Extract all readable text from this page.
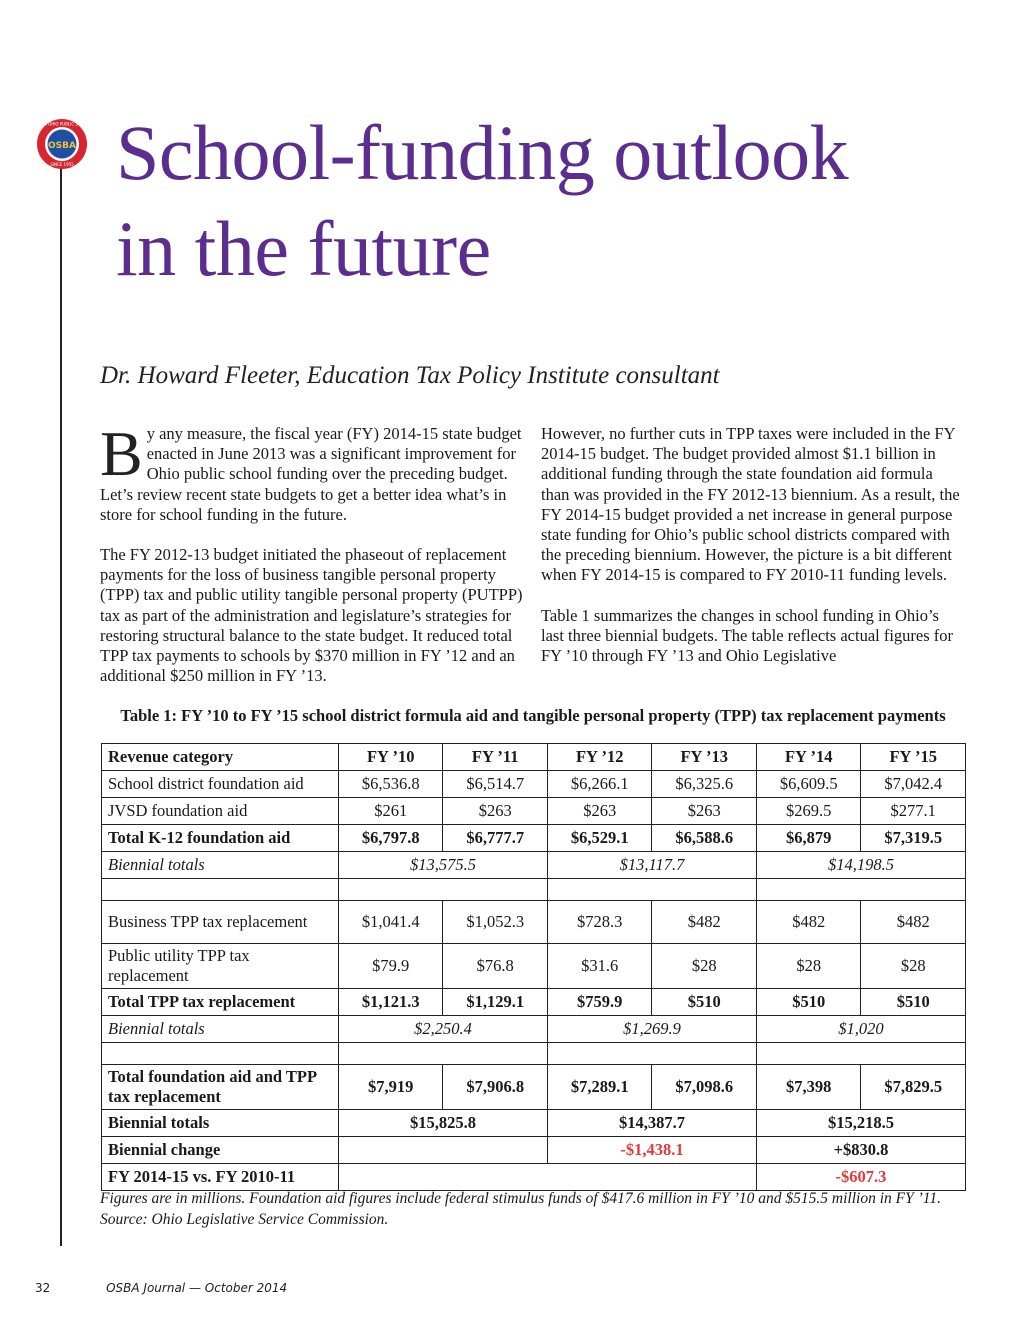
OSBA
SERVING OHIO PUBLIC SCHOOLS
SINCE 1955 School-funding outlook
in the future
Dr. Howard Fleeter, Education Tax Policy Institute consultant

By any measure, the fiscal year (FY) 2014-15 state budget enacted in June 2013 was a significant improvement for Ohio public school funding over the preceding budget. Let’s review recent state budgets to get a better idea what’s in store for school funding in the future.

The FY 2012-13 budget initiated the phaseout of replacement payments for the loss of business tangible personal property (TPP) tax and public utility tangible personal property (PUTPP) tax as part of the administration and legislature’s strategies for restoring structural balance to the state budget. It reduced total TPP tax payments to schools by $370 million in FY ’12 and an additional $250 million in FY ’13.

However, no further cuts in TPP taxes were included in the FY 2014-15 budget. The budget provided almost $1.1 billion in additional funding through the state foundation aid formula than was provided in the FY 2012-13 biennium. As a result, the FY 2014-15 budget provided a net increase in general purpose state funding for Ohio’s public school districts compared with the preceding biennium. However, the picture is a bit different when FY 2014-15 is compared to FY 2010-11 funding levels.

Table 1 summarizes the changes in school funding in Ohio’s last three biennial budgets. The table reflects actual figures for FY ’10 through FY ’13 and Ohio Legislative

Table 1: FY ’10 to FY ’15 school district formula aid and tangible personal property (TPP) tax replacement payments
Revenue category	FY ’10	FY ’11	FY ’12	FY ’13	FY ’14	FY ’15
School district foundation aid	$6,536.8	$6,514.7	$6,266.1	$6,325.6	$6,609.5	$7,042.4
JVSD foundation aid	$261	$263	$263	$263	$269.5	$277.1
Total K-12 foundation aid	$6,797.8	$6,777.7	$6,529.1	$6,588.6	$6,879	$7,319.5
Biennial totals	$13,575.5		$13,117.7		$14,198.5	

Business TPP tax replacement	$1,041.4	$1,052.3	$728.3	$482	$482	$482
Public utility TPP tax replacement	$79.9	$76.8	$31.6	$28	$28	$28
Total TPP tax replacement	$1,121.3	$1,129.1	$759.9	$510	$510	$510
Biennial totals	$2,250.4		$1,269.9		$1,020	

Total foundation aid and TPP tax replacement	$7,919	$7,906.8	$7,289.1	$7,098.6	$7,398	$7,829.5
Biennial totals	$15,825.8		$14,387.7		$15,218.5	
Biennial change			-$1,438.1		+$830.8	
FY 2014-15 vs. FY 2010-11					-$607.3	
Figures are in millions. Foundation aid figures include federal stimulus funds of $417.6 million in FY ’10 and $515.5 million in FY ’11.
Source: Ohio Legislative Service Commission.
32	OSBA Journal — October 2014
